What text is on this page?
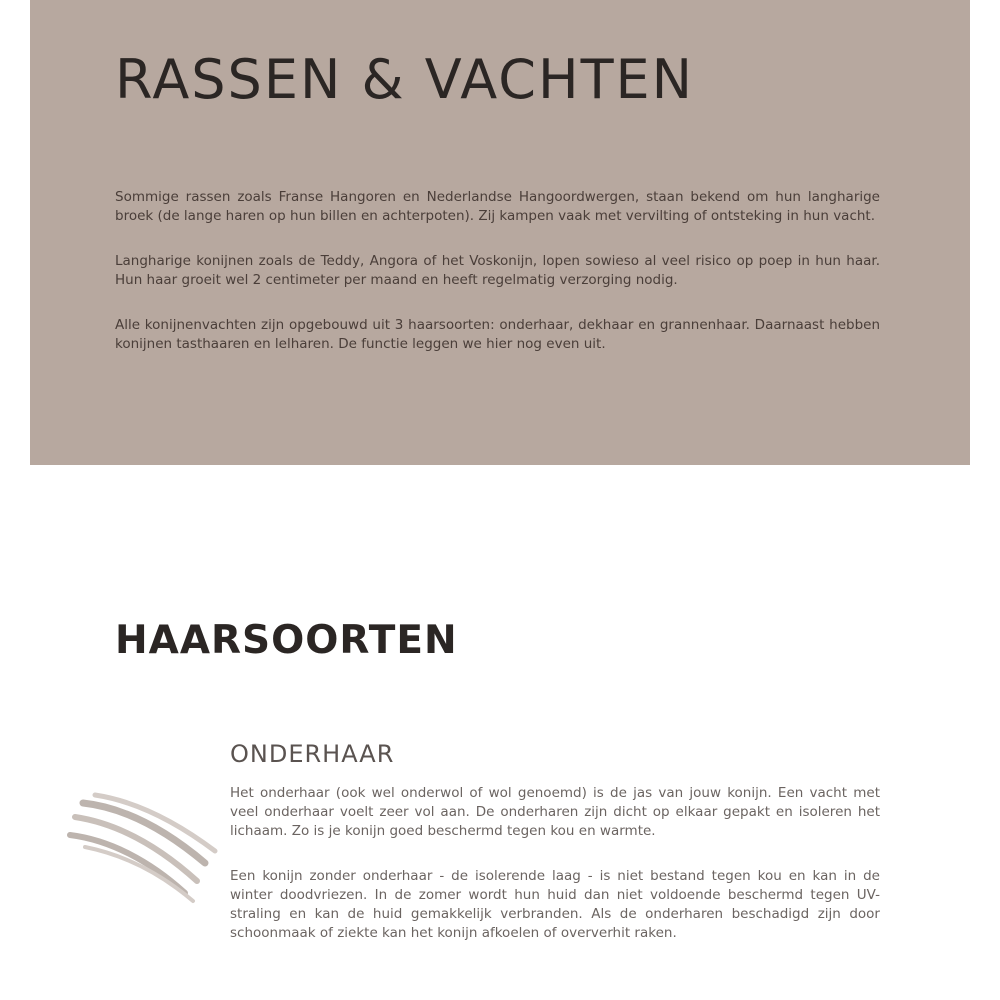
RASSEN & VACHTEN

Sommige rassen zoals Franse Hangoren en Nederlandse Hangoordwergen, staan bekend om hun langharige broek (de lange haren op hun billen en achterpoten). Zij kampen vaak met vervilting of ontsteking in hun vacht.

Langharige konijnen zoals de Teddy, Angora of het Voskonijn, lopen sowieso al veel risico op poep in hun haar. Hun haar groeit wel 2 centimeter per maand en heeft regelmatig verzorging nodig.

Alle konijnenvachten zijn opgebouwd uit 3 haarsoorten: onderhaar, dekhaar en grannenhaar. Daarnaast hebben konijnen tasthaaren en lelharen. De functie leggen we hier nog even uit.

HAARSOORTEN
ONDERHAAR

Het onderhaar (ook wel onderwol of wol genoemd) is de jas van jouw konijn. Een vacht met veel onderhaar voelt zeer vol aan. De onderharen zijn dicht op elkaar gepakt en isoleren het lichaam. Zo is je konijn goed beschermd tegen kou en warmte.

Een konijn zonder onderhaar - de isolerende laag - is niet bestand tegen kou en kan in de winter doodvriezen. In de zomer wordt hun huid dan niet voldoende beschermd tegen UV-straling en kan de huid gemakkelijk verbranden. Als de onderharen beschadigd zijn door schoonmaak of ziekte kan het konijn afkoelen of oververhit raken.
